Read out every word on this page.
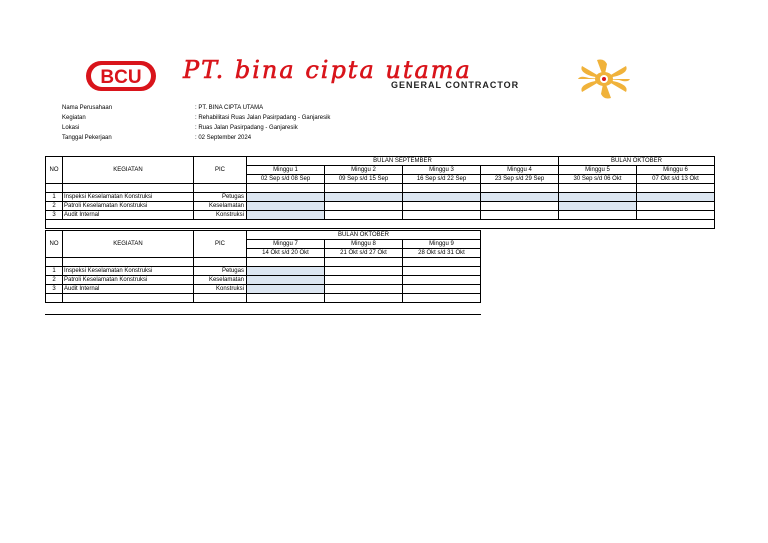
BCU PT. bina cipta utama
GENERAL CONTRACTOR
Nama Perusahaan	: PT. BINA CIPTA UTAMA
Kegiatan	: Rehabilitasi Ruas Jalan Pasirpadang - Ganjaresik
Lokasi	: Ruas Jalan Pasirpadang - Ganjaresik
Tanggal Pekerjaan	: 02 September 2024
NO	KEGIATAN	PIC	BULAN SEPTEMBER				BULAN OKTOBER	
			Minggu 1	Minggu 2	Minggu 3	Minggu 4	Minggu 5	Minggu 6
			02 Sep s/d 08 Sep	09 Sep s/d 15 Sep	16 Sep s/d 22 Sep	23 Sep s/d 29 Sep	30 Sep s/d 06 Okt	07 Okt s/d 13 Okt

1	Inspeksi Keselamatan Konstruksi	Petugas						
2	Patroli Keselamatan Konstruksi	Keselamatan						
3	Audit Internal	Konstruksi						

NO	KEGIATAN	PIC	BULAN OKTOBER		
			Minggu 7	Minggu 8	Minggu 9
			14 Okt s/d 20 Okt	21 Okt s/d 27 Okt	28 Okt s/d 31 Okt

1	Inspeksi Keselamatan Konstruksi	Petugas			
2	Patroli Keselamatan Konstruksi	Keselamatan			
3	Audit Internal	Konstruksi			
